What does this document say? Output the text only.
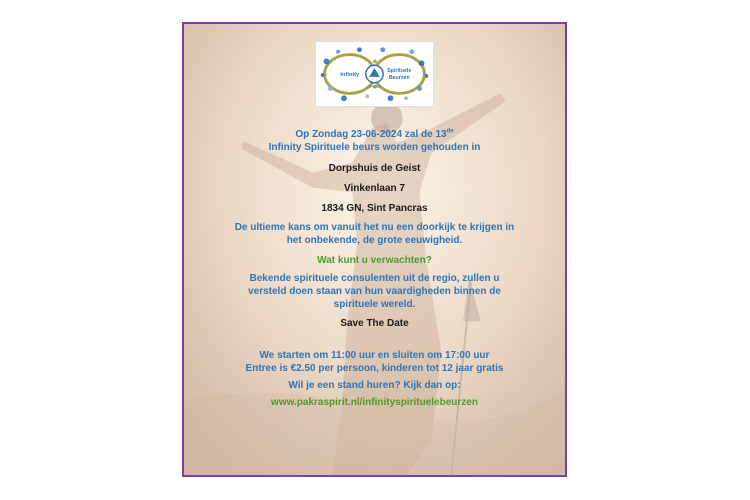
PakraSpirit
Infinity
Spirituele
Beurzen

Op Zondag 23-06-2024 zal de 13de

Infinity Spirituele beurs worden gehouden in

Dorpshuis de Geist

Vinkenlaan 7

1834 GN, Sint Pancras

De ultieme kans om vanuit het nu een doorkijk te krijgen in

het onbekende, de grote eeuwigheid.

Wat kunt u verwachten?

Bekende spirituele consulenten uit de regio, zullen u

versteld doen staan van hun vaardigheden binnen de

spirituele wereld.

Save The Date

We starten om 11:00 uur en sluiten om 17:00 uur

Entree is €2.50 per persoon, kinderen tot 12 jaar gratis

Wil je een stand huren? Kijk dan op:

www.pakraspirit.nl/infinityspirituelebeurzen
